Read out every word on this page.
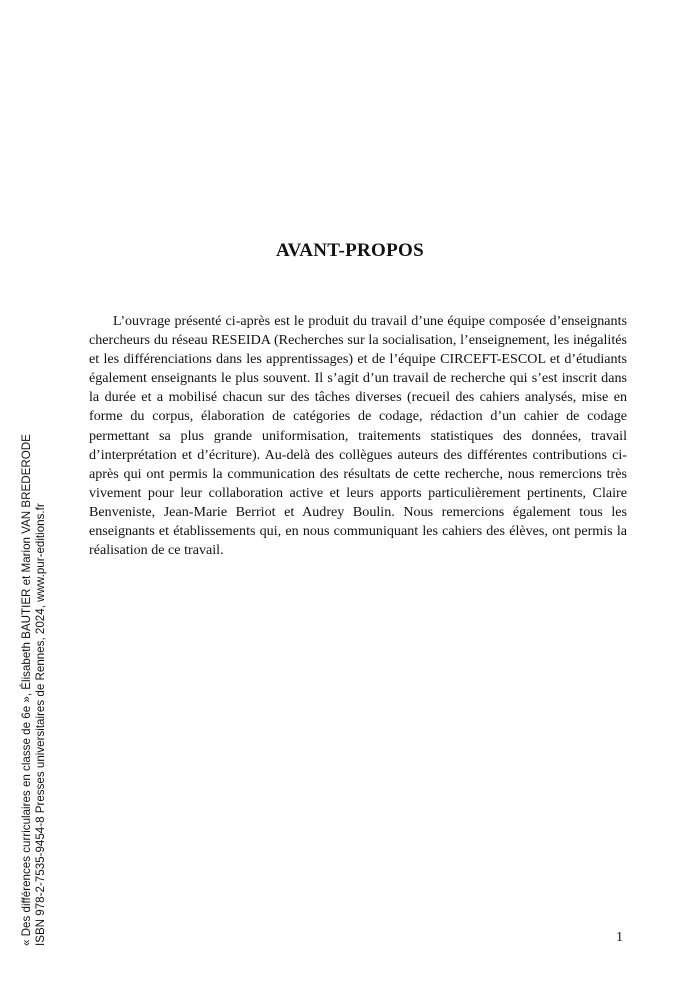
AVANT-PROPOS

L’ouvrage présenté ci-après est le produit du travail d’une équipe composée d’enseignants chercheurs du réseau RESEIDA (Recherches sur la socialisation, l’enseignement, les inégalités et les différenciations dans les apprentissages) et de l’équipe CIRCEFT-ESCOL et d’étudiants également enseignants le plus souvent. Il s’agit d’un travail de recherche qui s’est inscrit dans la durée et a mobilisé chacun sur des tâches diverses (recueil des cahiers analysés, mise en forme du corpus, élaboration de catégories de codage, rédaction d’un cahier de codage permettant sa plus grande uniformisation, traitements statistiques des données, travail d’interprétation et d’écriture). Au-delà des collègues auteurs des différentes contributions ci-après qui ont permis la communication des résultats de cette recherche, nous remercions très vivement pour leur collaboration active et leurs apports particulièrement pertinents, Claire Benveniste, Jean-Marie Berriot et Audrey Boulin. Nous remercions également tous les enseignants et établissements qui, en nous communiquant les cahiers des élèves, ont permis la réalisation de ce travail.

« Des différences curriculaires en classe de 6e », Élisabeth BAUTIER et Marion VAN BREDERODE ISBN 978-2-7535-9454-8 Presses universitaires de Rennes, 2024, www.pur-editions.fr	1
